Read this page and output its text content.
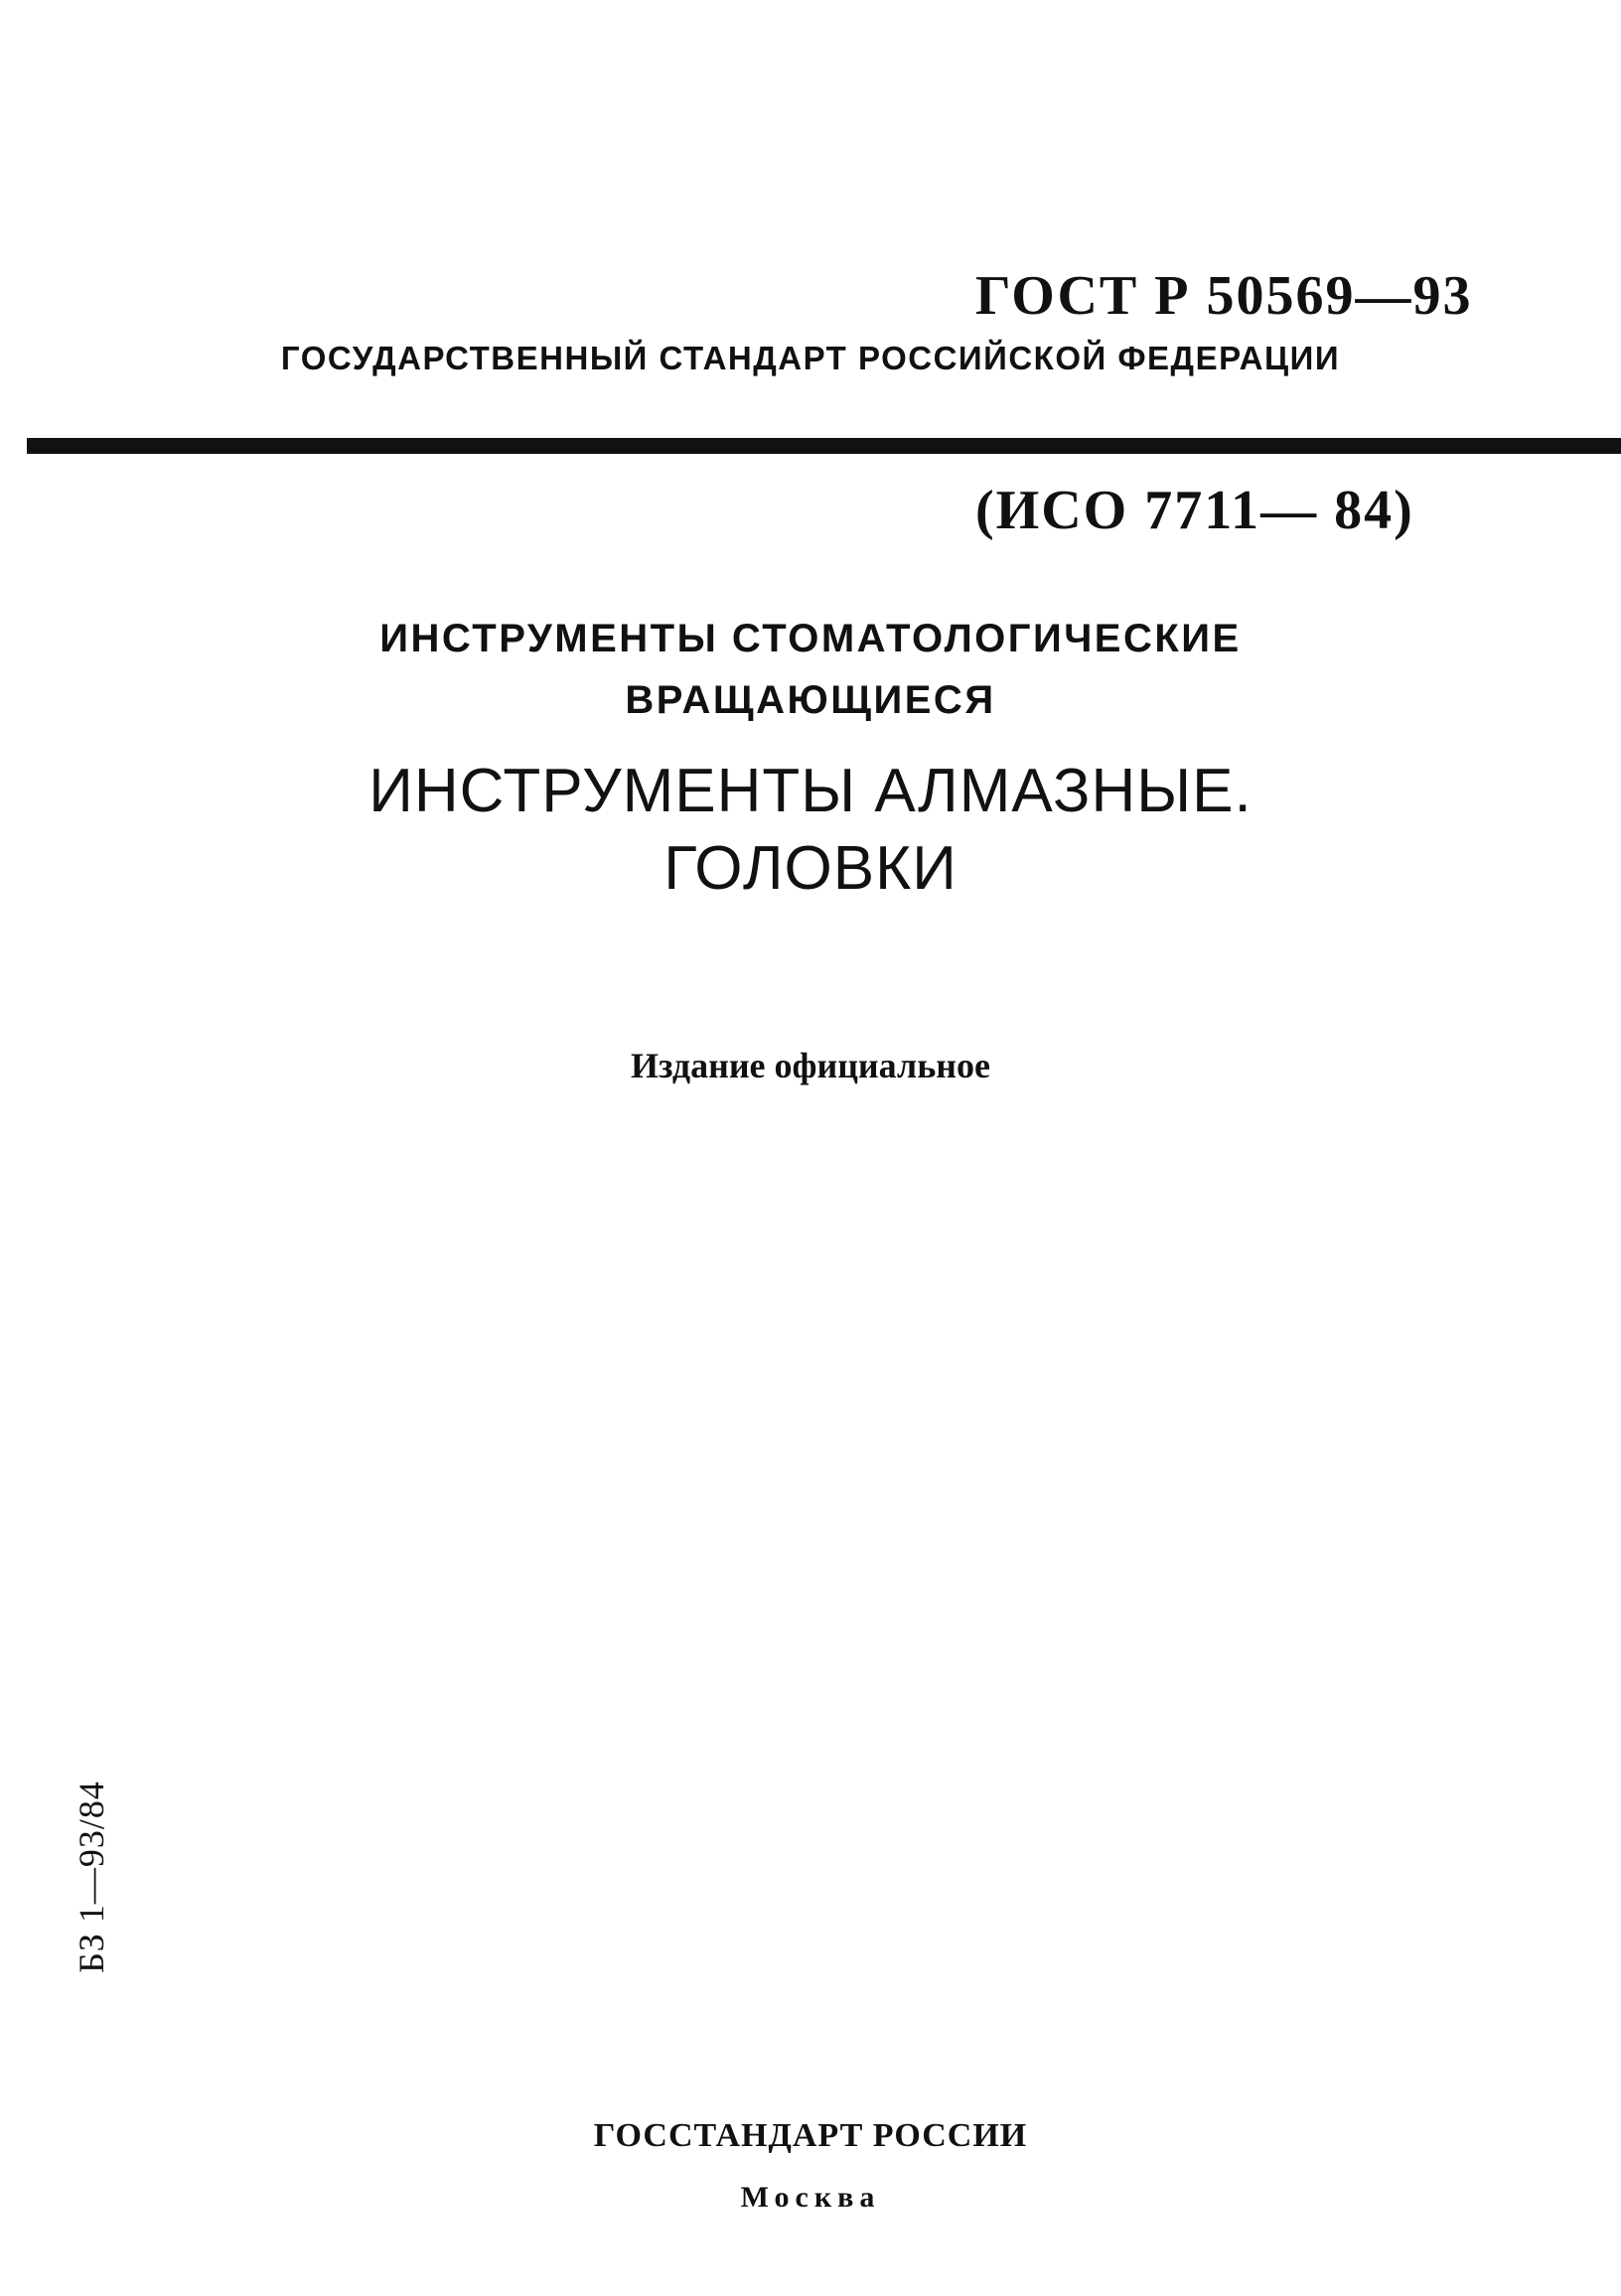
ГОСТ Р 50569—93

(ИСО 7711— 84)

ГОСУДАРСТВЕННЫЙ СТАНДАРТ РОССИЙСКОЙ ФЕДЕРАЦИИ
ИНСТРУМЕНТЫ СТОМАТОЛОГИЧЕСКИЕ
ВРАЩАЮЩИЕСЯ
ИНСТРУМЕНТЫ АЛМАЗНЫЕ.
ГОЛОВКИ
Издание официальное
БЗ 1—93/84
ГОССТАНДАРТ РОССИИ
Москва
